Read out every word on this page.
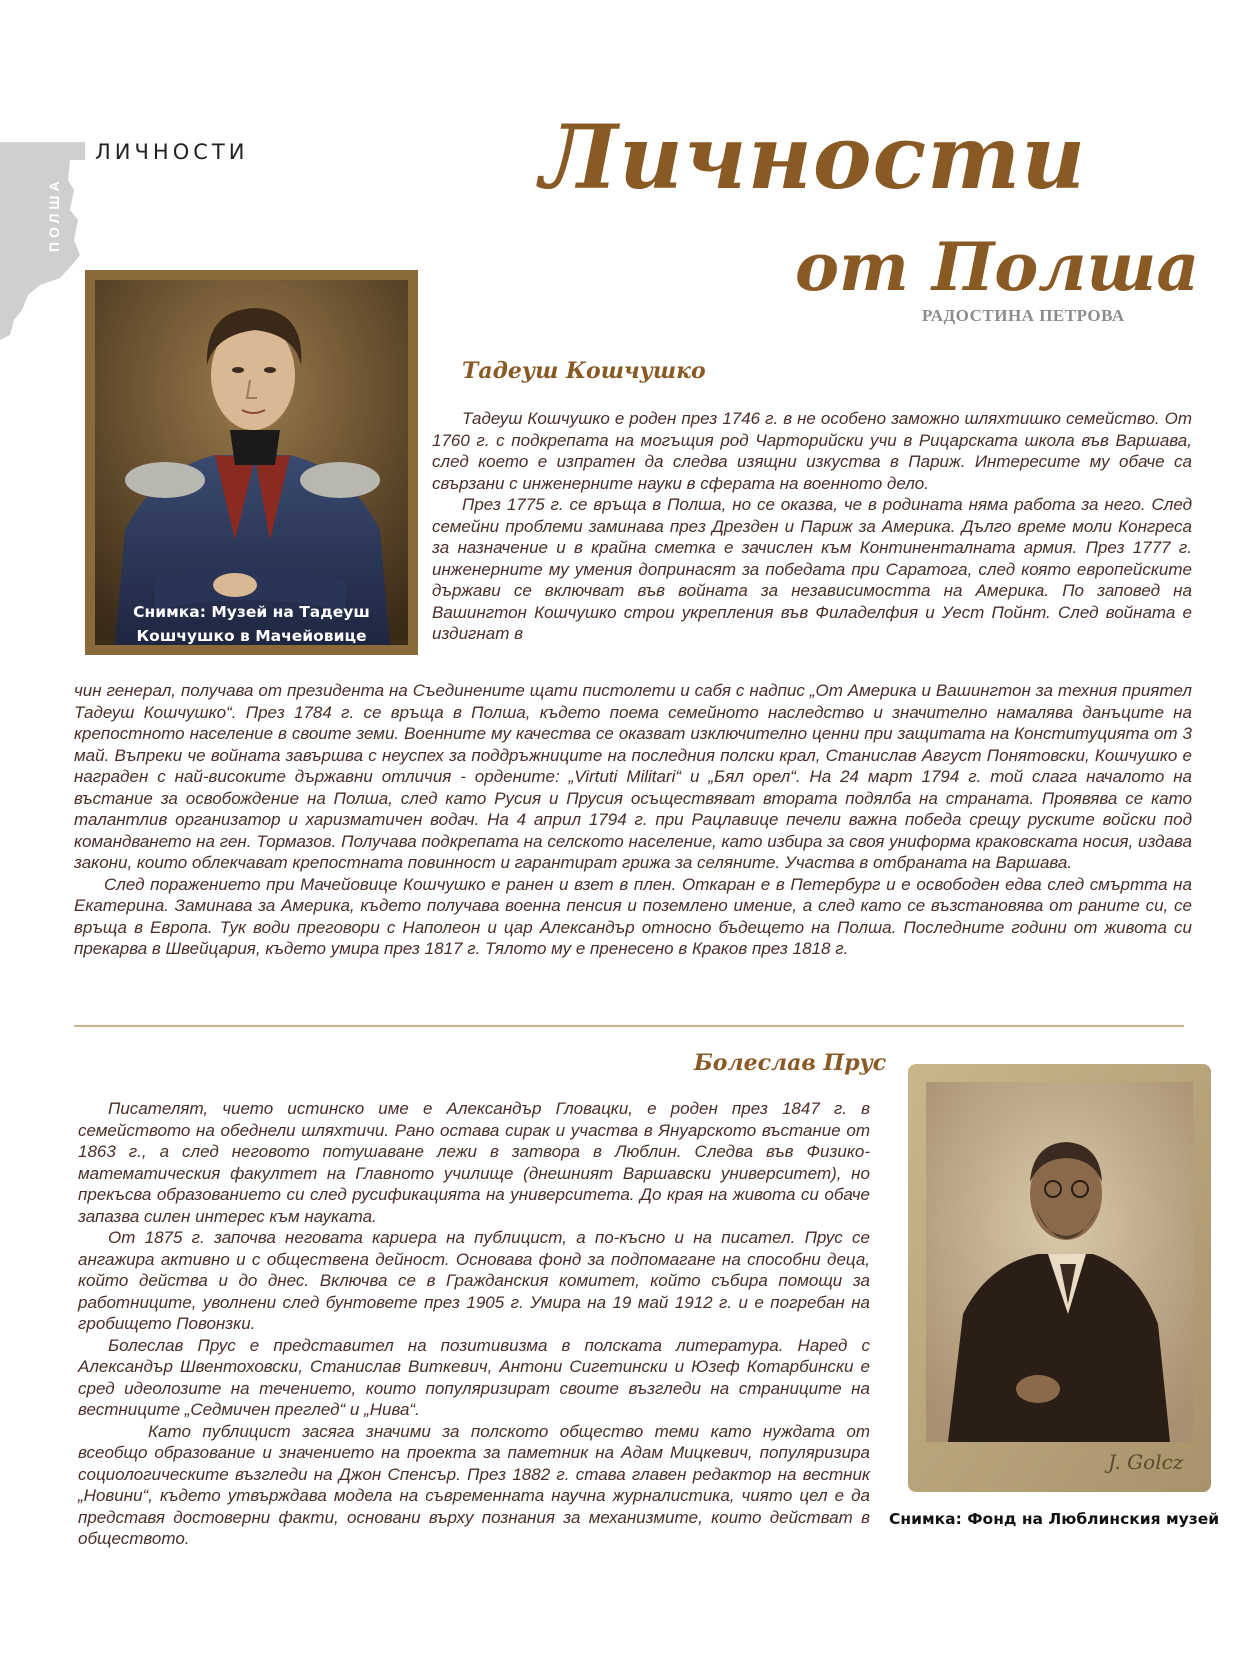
ЛИЧНОСТИ
ПОЛША
Личности
от Полша
РАДОСТИНА ПЕТРОВА
Снимка: Музей на Тадеуш
Кошчушко в Мачейовице
Тадеуш Кошчушко

Тадеуш Кошчушко е роден през 1746 г. в не особено заможно шляхтишко семейство. От 1760 г. с подкрепата на могъщия род Чарторийски учи в Рицарската школа във Варшава, след което е изпратен да следва изящни изкуства в Париж. Интересите му обаче са свързани с инженерните науки в сферата на военното дело.

През 1775 г. се връща в Полша, но се оказва, че в родината няма работа за него. След семейни проблеми заминава през Дрезден и Париж за Америка. Дълго време моли Конгреса за назначение и в крайна сметка е зачислен към Континенталната армия. През 1777 г. инженерните му умения допринасят за победата при Саратога, след която европейските държави се включват във войната за независимостта на Америка. По заповед на Вашингтон Кошчушко строи укрепления във Филаделфия и Уест Пойнт. След войната е издигнат в

чин генерал, получава от президента на Съединените щати пистолети и сабя с надпис „От Америка и Вашингтон за техния приятел Тадеуш Кошчушко“. През 1784 г. се връща в Полша, където поема семейното наследство и значително намалява данъците на крепостното население в своите земи. Военните му качества се оказват изключително ценни при защитата на Конституцията от 3 май. Въпреки че войната завършва с неуспех за поддръжниците на последния полски крал, Станислав Август Понятовски, Кошчушко е награден с най-високите държавни отличия - ордените: „Virtuti Militari“ и „Бял орел“. На 24 март 1794 г. той слага началото на въстание за освобождение на Полша, след като Русия и Прусия осъществяват втората подялба на страната. Проявява се като талантлив организатор и харизматичен водач. На 4 април 1794 г. при Рацлавице печели важна победа срещу руските войски под командването на ген. Тормазов. Получава подкрепата на селското население, като избира за своя униформа краковската носия, издава закони, които облекчават крепостната повинност и гарантират грижа за селяните. Участва в отбраната на Варшава.

След поражението при Мачейовице Кошчушко е ранен и взет в плен. Откаран е в Петербург и е освободен едва след смъртта на Екатерина. Заминава за Америка, където получава военна пенсия и поземлено имение, а след като се възстановява от раните си, се връща в Европа. Тук води преговори с Наполеон и цар Александър относно бъдещето на Полша. Последните години от живота си прекарва в Швейцария, където умира през 1817 г. Тялото му е пренесено в Краков през 1818 г.

Болеслав Прус

Писателят, чието истинско име е Александър Гловацки, е роден през 1847 г. в семейството на обеднели шляхтичи. Рано остава сирак и участва в Януарското въстание от 1863 г., а след неговото потушаване лежи в затвора в Люблин. Следва във Физико-математическия факултет на Главното училище (днешният Варшавски университет), но прекъсва образованието си след русификацията на университета. До края на живота си обаче запазва силен интерес към науката.

От 1875 г. започва неговата кариера на публицист, а по-късно и на писател. Прус се ангажира активно и с обществена дейност. Основава фонд за подпомагане на способни деца, който действа и до днес. Включва се в Гражданския комитет, който събира помощи за работниците, уволнени след бунтовете през 1905 г. Умира на 19 май 1912 г. и е погребан на гробището Повонзки.

Болеслав Прус е представител на позитивизма в полската литература. Наред с Александър Швентоховски, Станислав Виткевич, Антони Сигетински и Юзеф Котарбински е сред идеолозите на течението, които популяризират своите възгледи на страниците на вестниците „Седмичен преглед“ и „Нива“.

Като публицист засяга значими за полското общество теми като нуждата от всеобщо образование и значението на проекта за паметник на Адам Мицкевич, популяризира социологическите възгледи на Джон Спенсър. През 1882 г. става главен редактор на вестник „Новини“, където утвърждава модела на съвременната научна журналистика, чиято цел е да представя достоверни факти, основани върху познания за механизмите, които действат в обществото.

J. Golcz
Снимка: Фонд на Люблинския музей
